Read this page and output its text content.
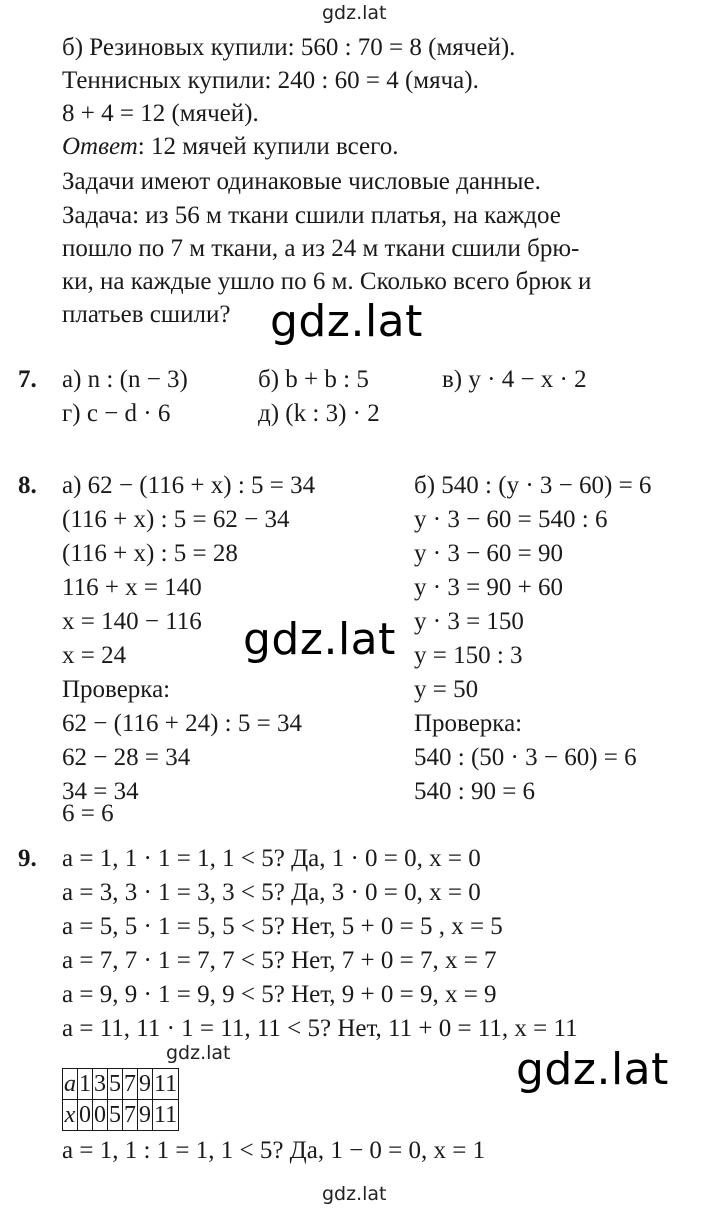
gdz.lat
gdz.lat
gdz.lat
gdz.lat
gdz.lat
gdz.lat
б) Резиновых купили: 560 : 70 = 8 (мячей).
Теннисных купили: 240 : 60 = 4 (мяча).
8 + 4 = 12 (мячей).
Ответ: 12 мячей купили всего.
Задачи имеют одинаковые числовые данные.
Задача: из 56 м ткани сшили платья, на каждое
пошло по 7 м ткани, а из 24 м ткани сшили брю-
ки, на каждые ушло по 6 м. Сколько всего брюк и
платьев сшили?
7. а) n : (n − 3)	б) b + b : 5	в) y · 4 − x · 2
г) c − d · 6	д) (k : 3) · 2
8. а) 62 − (116 + x) : 5 = 34
(116 + x) : 5 = 62 − 34
(116 + x) : 5 = 28
116 + x = 140
x = 140 − 116
x = 24
Проверка:
62 − (116 + 24) : 5 = 34
62 − 28 = 34
34 = 34
6 = 6
б) 540 : (y · 3 − 60) = 6
y · 3 − 60 = 540 : 6
y · 3 − 60 = 90
y · 3 = 90 + 60
y · 3 = 150
y = 150 : 3
y = 50
Проверка:
540 : (50 · 3 − 60) = 6
540 : 90 = 6
9. a = 1, 1 · 1 = 1, 1 < 5? Да, 1 · 0 = 0, x = 0
a = 3, 3 · 1 = 3, 3 < 5? Да, 3 · 0 = 0, x = 0
a = 5, 5 · 1 = 5, 5 < 5? Нет, 5 + 0 = 5 , x = 5
a = 7, 7 · 1 = 7, 7 < 5? Нет, 7 + 0 = 7, x = 7
a = 9, 9 · 1 = 9, 9 < 5? Нет, 9 + 0 = 9, x = 9
a = 11, 11 · 1 = 11, 11 < 5? Нет, 11 + 0 = 11, x = 11
a	1	3	5	7	9	11
x	0	0	5	7	9	11
a = 1, 1 : 1 = 1, 1 < 5? Да, 1 − 0 = 0, x = 1
